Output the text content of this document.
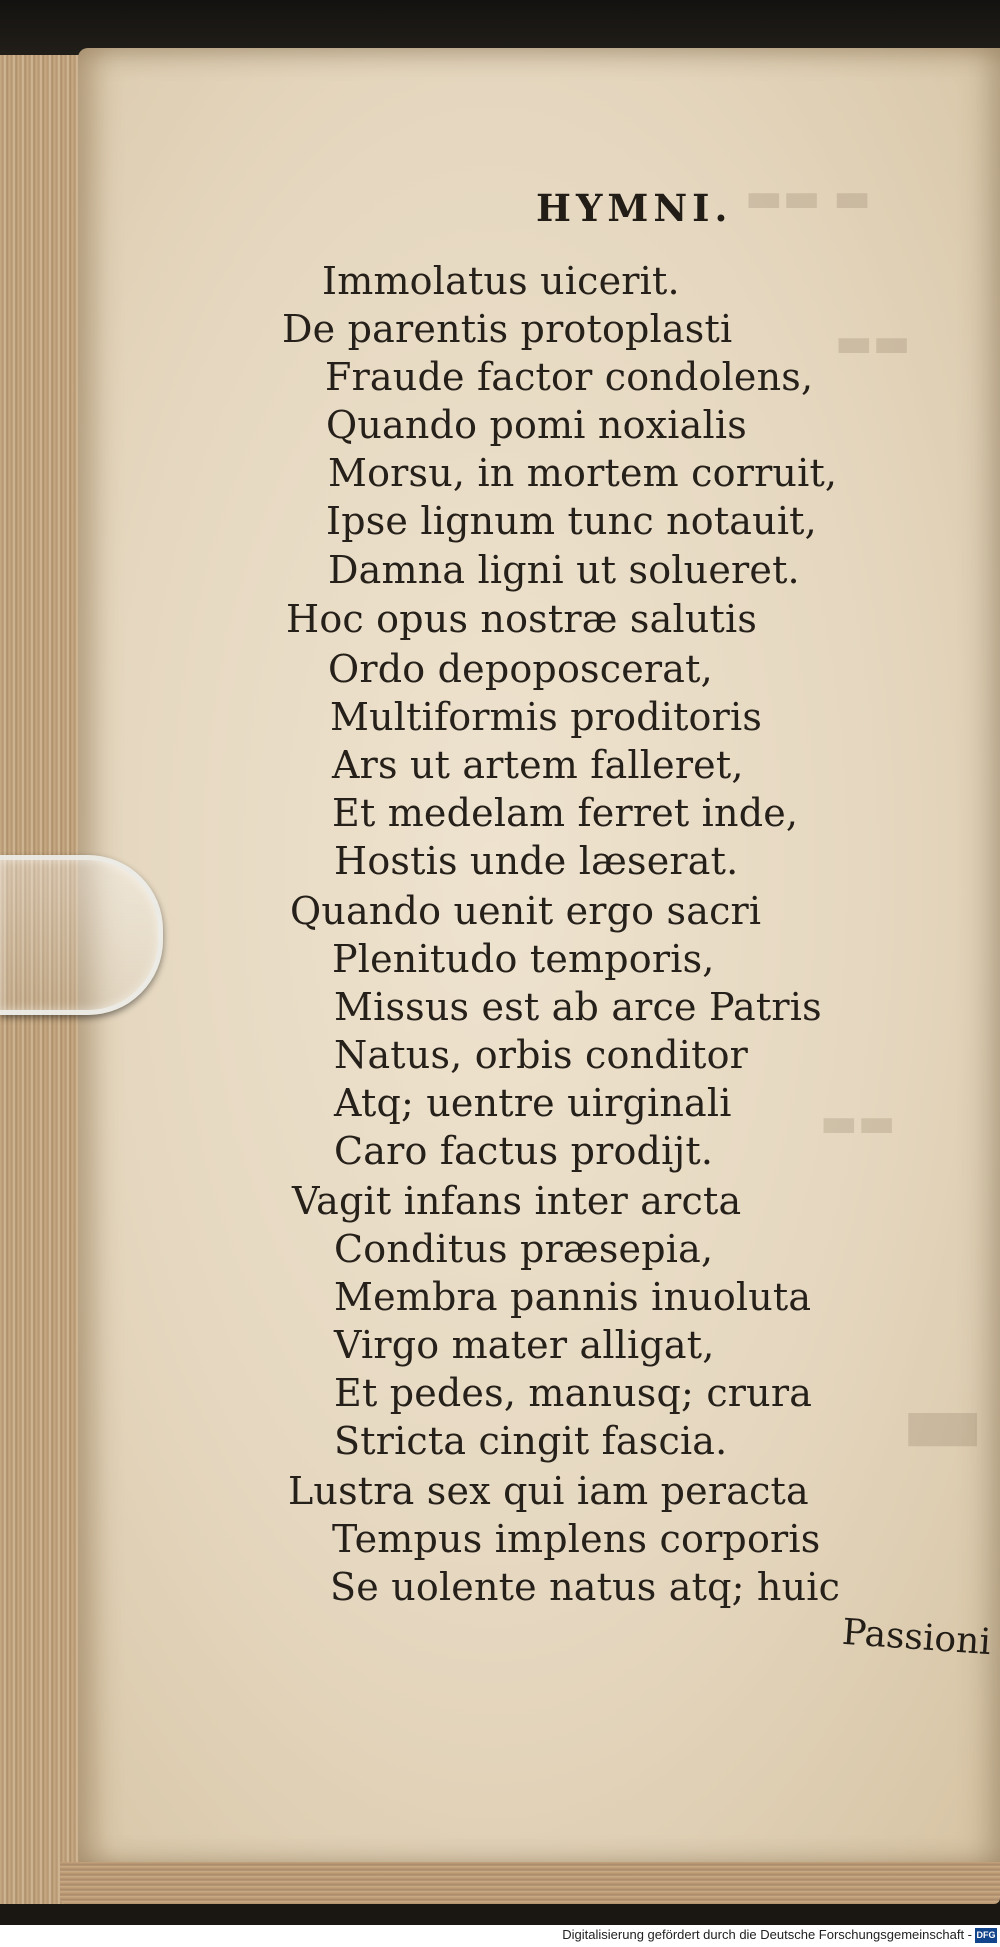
HYMNI.
Immolatus uicerit.
De parentis protoplasti
Fraude factor condolens,
Quando pomi noxialis
Morsu, in mortem corruit,
Ipse lignum tunc notauit,
Damna ligni ut solueret.
Hoc opus nostræ salutis
Ordo depoposcerat,
Multiformis proditoris
Ars ut artem falleret,
Et medelam ferret inde,
Hostis unde læserat.
Quando uenit ergo sacri
Plenitudo temporis,
Missus est ab arce Patris
Natus, orbis conditor
Atq; uentre uirginali
Caro factus prodijt.
Vagit infans inter arcta
Conditus præsepia,
Membra pannis inuoluta
Virgo mater alligat,
Et pedes, manusq; crura
Stricta cingit fascia.
Lustra sex qui iam peracta
Tempus implens corporis
Se uolente natus atq; huic
Passioni
Digitalisierung gefördert durch die Deutsche Forschungsgemeinschaft - DFG
